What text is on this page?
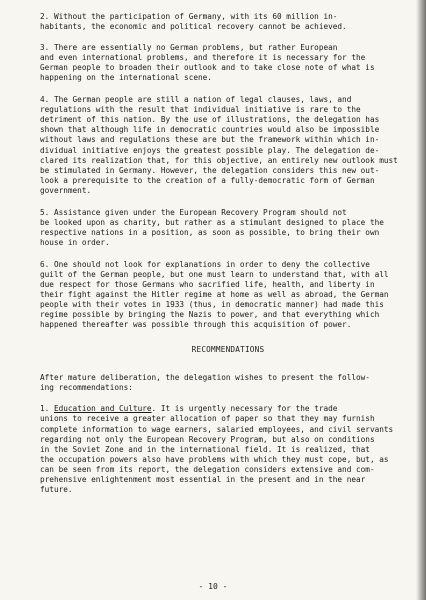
2. Without the participation of Germany, with its 60 million in-
habitants, the economic and political recovery cannot be achieved.

3. There are essentially no German problems, but rather European
and even international problems, and therefore it is necessary for the
German people to broaden their outlook and to take close note of what is
happening on the international scene.

4. The German people are still a nation of legal clauses, laws, and
regulations with the result that individual initiative is rare to the
detriment of this nation. By the use of illustrations, the delegation has
shown that although life in democratic countries would also be impossible
without laws and regulations these are but the framework within which in-
dividual initiative enjoys the greatest possible play. The delegation de-
clared its realization that, for this objective, an entirely new outlook must
be stimulated in Germany. However, the delegation considers this new out-
look a prerequisite to the creation of a fully-democratic form of German
government.

5. Assistance given under the European Recovery Program should not
be looked upon as charity, but rather as a stimulant designed to place the
respective nations in a position, as soon as possible, to bring their own
house in order.

6. One should not look for explanations in order to deny the collective
guilt of the German people, but one must learn to understand that, with all
due respect for those Germans who sacrified life, health, and liberty in
their fight against the Hitler regime at home as well as abroad, the German
people with their votes in 1933 (thus, in democratic manner) had made this
regime possible by bringing the Nazis to power, and that everything which
happened thereafter was possible through this acquisition of power.

RECOMMENDATIONS

After mature deliberation, the delegation wishes to present the follow-
ing recommendations:

1. Education and Culture. It is urgently necessary for the trade
unions to receive a greater allocation of paper so that they may furnish
complete information to wage earners, salaried employees, and civil servants
regarding not only the European Recovery Program, but also on conditions
in the Soviet Zone and in the international field. It is realized, that
the occupation powers also have problems with which they must cope, but, as
can be seen from its report, the delegation considers extensive and com-
prehensive enlightenment most essential in the present and in the near
future.

- 10 -
